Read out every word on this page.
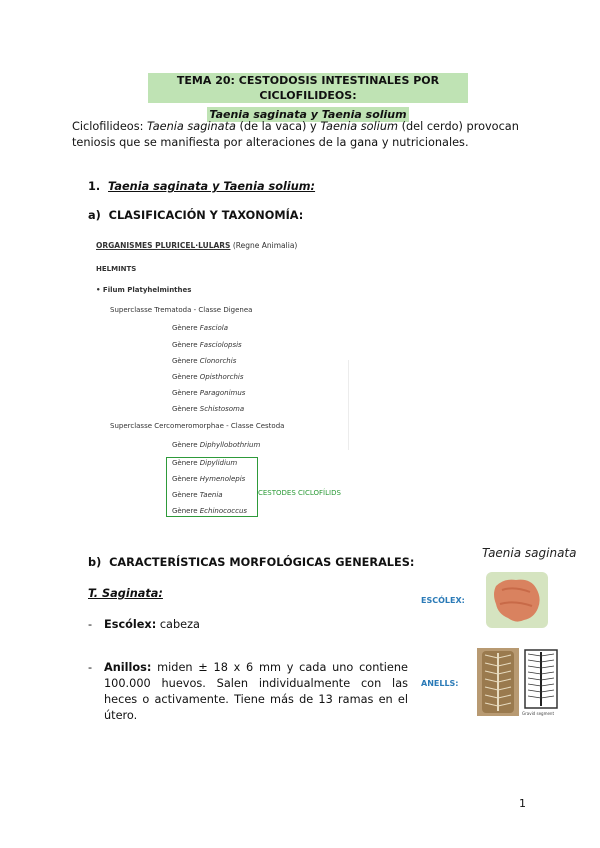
TEMA 20: CESTODOSIS INTESTINALES POR CICLOFILIDEOS:
Taenia saginata y Taenia solium
Ciclofilideos: Taenia saginata (de la vaca) y Taenia solium (del cerdo) provocan teniosis que se manifiesta por alteraciones de la gana y nutricionales.
1. Taenia saginata y Taenia solium:
a) CLASIFICACIÓN Y TAXONOMÍA:
ORGANISMES PLURICEL·LULARS (Regne Animalia)
HELMINTS
• Filum Platyhelminthes
Superclasse Trematoda - Classe Digenea
Gènere Fasciola
Gènere Fasciolopsis
Gènere Clonorchis
Gènere Opisthorchis
Gènere Paragonimus
Gènere Schistosoma
Superclasse Cercomeromorphae - Classe Cestoda
Gènere Diphyllobothrium
Gènere Dipylidium
Gènere Hymenolepis
Gènere Taenia
Gènere Echinococcus
CESTODES CICLOFÍLIDS
b) CARACTERÍSTICAS MORFOLÓGICAS GENERALES:
T. Saginata:
- Escólex: cabeza
- Anillos: miden ± 18 x 6 mm y cada uno contiene 100.000 huevos. Salen individualmente con las heces o activamente. Tiene más de 13 ramas en el útero.
Taenia saginata
ESCÓLEX:
ANELLS:
Gravid segment
1
